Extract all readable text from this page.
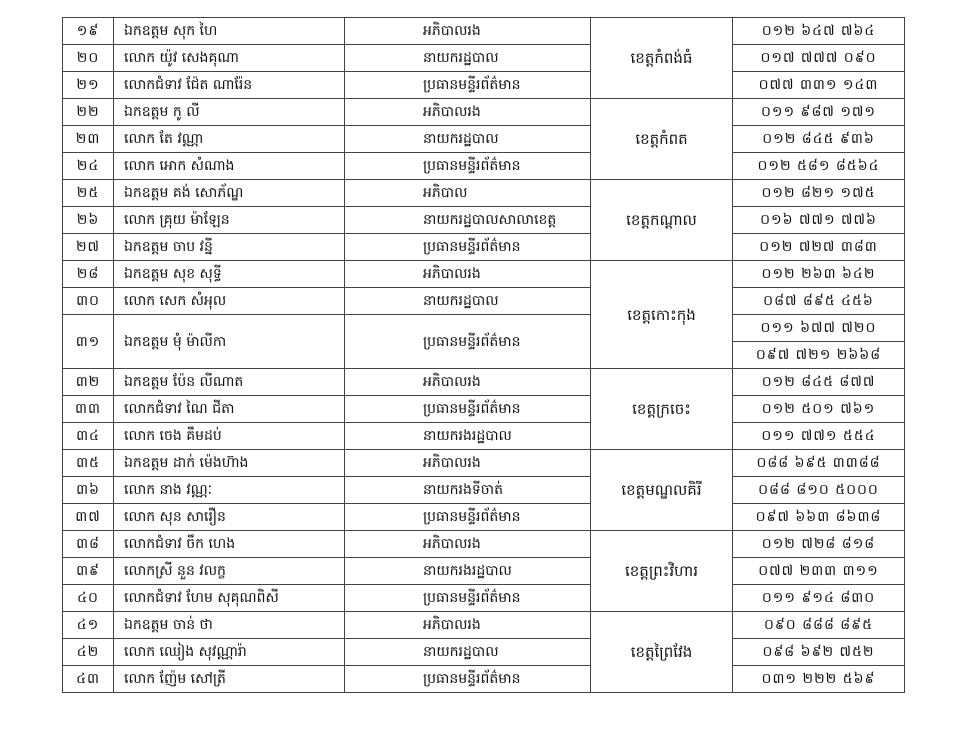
១៩	ឯកឧត្តម សុក ហៃ	អភិបាលរង	ខេត្តកំពង់ធំ	០១២ ៦៤៧ ៧៦៤

២០	លោក យ៉ូវ សេងគុណា	នាយករដ្ឋបាល		០១៧ ៧៧៧ ០៩០

២១	លោកជំទាវ ជ៉ែត ណារ៉ែន	ប្រធានមន្ទីរព័ត៌មាន		០៧៧ ៣៣១ ១៤៣

២២	ឯកឧត្តម កូ លី	អភិបាលរង	ខេត្តកំពត	០១១ ៩៨៧ ១៧១

២៣	លោក តែ វណ្ណា	នាយករដ្ឋបាល		០១២ ៨៤៥ ៩៣៦

២៤	លោក អោក សំណាង	ប្រធានមន្ទីរព័ត៌មាន		០១២ ៥៨១ ៨៥៦៤

២៥	ឯកឧត្តម គង់ សោភ័ណ្ឌ	អភិបាល	ខេត្តកណ្ដាល	០១២ ៨២១ ១៧៥

២៦	លោក គ្រុយ ម៉ាឡែន	នាយករដ្ឋបាលសាលាខេត្ត		០១៦ ៧៧១ ៧៧៦

២៧	ឯកឧត្តម ចាប វន្នី	ប្រធានមន្ទីរព័ត៌មាន		០១២ ៧២៧ ៣៨៣

២៨	ឯកឧត្តម សុខ សុទ្ធី	អភិបាលរង	ខេត្តកោះកុង	០១២ ២៦៣ ៦៤២

៣០	លោក សេក សំអុល	នាយករដ្ឋបាល		០៨៧ ៨៩៥ ៤៥៦

៣១	ឯកឧត្តម មុំ ម៉ាលីកា	ប្រធានមន្ទីរព័ត៌មាន		០១១ ៦៧៧ ៧២០

				០៩៧ ៧២១ ២៦៦៨

៣២	ឯកឧត្តម ប៉ែន លីណាត	អភិបាលរង	ខេត្តក្រចេះ	០១២ ៨៤៥ ៨៧៧

៣៣	លោកជំទាវ ណៃ ជីតា	ប្រធានមន្ទីរព័ត៌មាន		០១២ ៥០១ ៧៦១

៣៤	លោក ចេង គឹមដប់	នាយករងរដ្ឋបាល		០១១ ៧៧១ ៥៥៤

៣៥	ឯកឧត្តម ដាក់ ម៉េងហ៊ាង	អភិបាលរង	ខេត្តមណ្ឌលគិរី	០៨៨ ៦៩៥ ៣៣៨៨

៣៦	លោក នាង វណ្ណៈ	នាយករងទីចាត់		០៨៨ ៨១០ ៥០០០

៣៧	លោក សុន សារឿន	ប្រធានមន្ទីរព័ត៌មាន		០៩៧ ៦៦៣ ៨៦៣៨

៣៨	លោកជំទាវ ចឹក ហេង	អភិបាលរង	ខេត្តព្រះវិហារ	០១២ ៧២៨ ៨១៨

៣៩	លោកស្រី នួន វលក្ខ	នាយករងរដ្ឋបាល		០៧៧ ២៣៣ ៣១១

៤០	លោកជំទាវ ហែម សុគុណពិសី	ប្រធានមន្ទីរព័ត៌មាន		០១១ ៩១៤ ៨៣០

៤១	ឯកឧត្តម ចាន់ ថា	អភិបាលរង	ខេត្តព្រៃវែង	០៩០ ៨៨៨ ៨៩៥

៤២	លោក ឈៀង សុវណ្ណារ៉ា	នាយករដ្ឋបាល		០៩៨ ៦៩២ ៧៥២

៤៣	លោក ញ៉ែម សៅត្រី	ប្រធានមន្ទីរព័ត៌មាន		០៣១ ២២២ ៥៦៩
